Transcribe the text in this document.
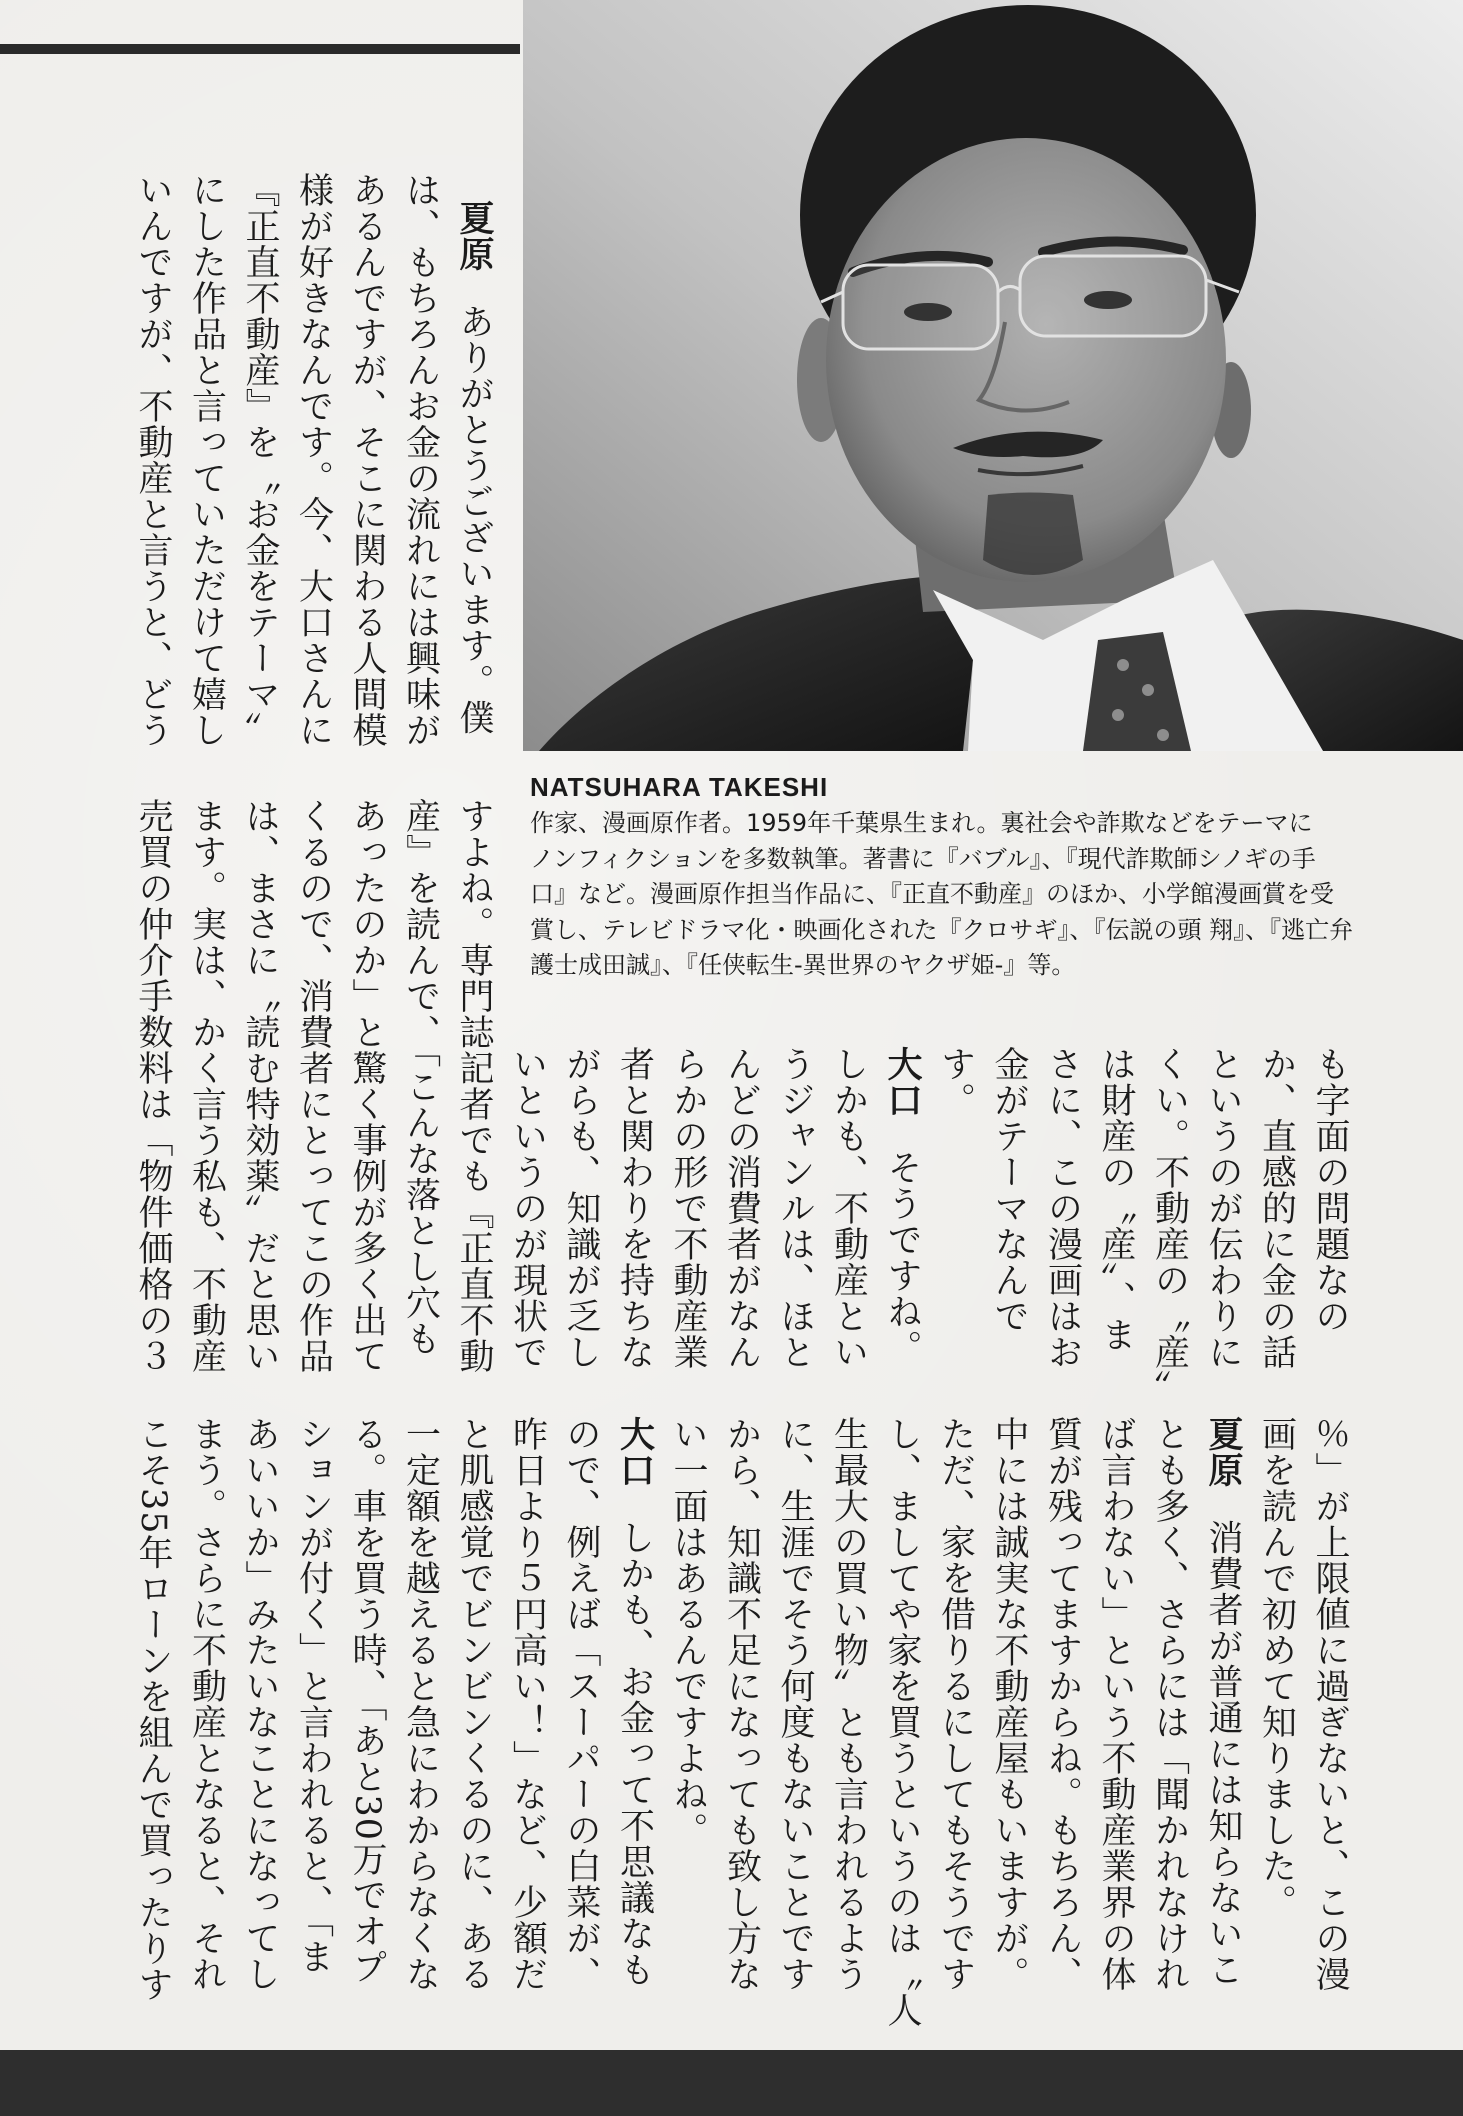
NATSUHARA TAKESHI
作家、漫画原作者。1959年千葉県生まれ。裏社会や詐欺などをテーマに
ノンフィクションを多数執筆。著書に『バブル』、『現代詐欺師シノギの手
口』など。漫画原作担当作品に、『正直不動産』のほか、小学館漫画賞を受
賞し、テレビドラマ化・映画化された『クロサギ』、『伝説の頭 翔』、『逃亡弁
護士成田誠』、『任侠転生-異世界のヤクザ姫-』等。
夏原ありがとうございます。僕
は、もちろんお金の流れには興味が
あるんですが、そこに関わる人間模
様が好きなんです。今、大口さんに
『正直不動産』を〝お金をテーマ〟
にした作品と言っていただけて嬉し
いんですが、不動産と言うと、どう
も字面の問題なの
か、直感的に金の話
というのが伝わりに
くい。不動産の〝産〟
は財産の〝産〟、ま
さに、この漫画はお
金がテーマなんで
す。
大口そうですね。
しかも、不動産とい
うジャンルは、ほと
んどの消費者がなん
らかの形で不動産業
者と関わりを持ちな
がらも、知識が乏し
いというのが現状で
すよね。専門誌記者でも『正直不動
産』を読んで、「こんな落とし穴も
あったのか」と驚く事例が多く出て
くるので、消費者にとってこの作品
は、まさに〝読む特効薬〟だと思い
ます。実は、かく言う私も、不動産
売買の仲介手数料は「物件価格の３
％」が上限値に過ぎないと、この漫
画を読んで初めて知りました。
夏原消費者が普通には知らないこ
とも多く、さらには「聞かれなけれ
ば言わない」という不動産業界の体
質が残ってますからね。もちろん、
中には誠実な不動産屋もいますが。
ただ、家を借りるにしてもそうです
し、ましてや家を買うというのは〝人
生最大の買い物〟とも言われるよう
に、生涯でそう何度もないことです
から、知識不足になっても致し方な
い一面はあるんですよね。
大口しかも、お金って不思議なも
ので、例えば「スーパーの白菜が、
昨日より５円高い！」など、少額だ
と肌感覚でビンビンくるのに、ある
一定額を越えると急にわからなくな
る。車を買う時、「あと30万でオプ
ションが付く」と言われると、「ま
あいいか」みたいなことになってし
まう。さらに不動産となると、それ
こそ35年ローンを組んで買ったりす
